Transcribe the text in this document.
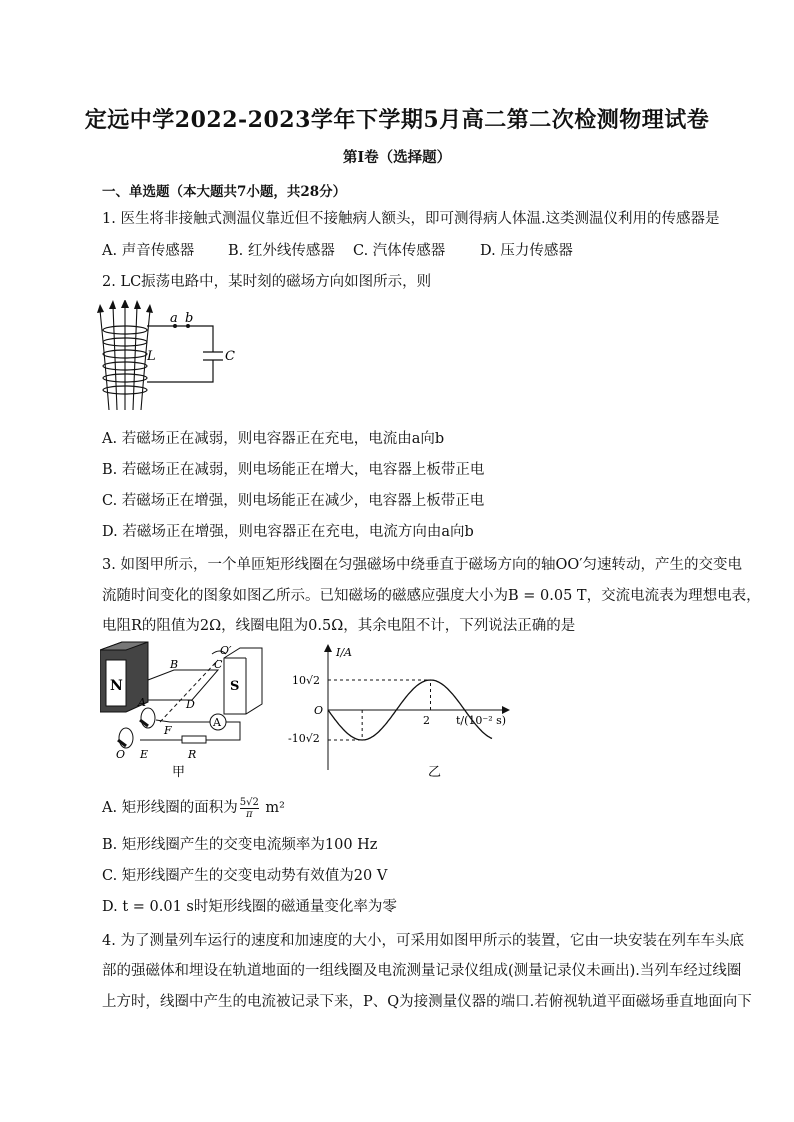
定远中学2022-2023学年下学期5月高二第二次检测物理试卷
第I卷（选择题）
一、单选题（本大题共7小题，共28分）
1. 医生将非接触式测温仪靠近但不接触病人额头，即可测得病人体温.这类测温仪利用的传感器是
A. 声音传感器 B. 红外线传感器 C. 汽体传感器 D. 压力传感器
2. LC振荡电路中，某时刻的磁场方向如图所示，则
a b
L	C
A. 若磁场正在减弱，则电容器正在充电，电流由a向b
B. 若磁场正在减弱，则电场能正在增大，电容器上板带正电
C. 若磁场正在增强，则电场能正在减少，电容器上板带正电
D. 若磁场正在增强，则电容器正在充电，电流方向由a向b
3. 如图甲所示，一个单匝矩形线圈在匀强磁场中绕垂直于磁场方向的轴OO′匀速转动，产生的交变电
流随时间变化的图象如图乙所示。已知磁场的磁感应强度大小为B = 0.05 T，交流电流表为理想电表，
电阻R的阻值为2Ω，线圈电阻为0.5Ω，其余电阻不计，下列说法正确的是
N	S
B	C
O′
A	D
A
F
E
O	R
甲
I/A
t/(10⁻² s)
10√2
-10√2
O
2
乙
A. 矩形线圈的面积为 $\frac{5√2}{\pi} m^2$
B. 矩形线圈产生的交变电流频率为100 Hz
C. 矩形线圈产生的交变电动势有效值为20 V
D. t = 0.01 s时矩形线圈的磁通量变化率为零
4. 为了测量列车运行的速度和加速度的大小，可采用如图甲所示的装置，它由一块安装在列车车头底
部的强磁体和埋设在轨道地面的一组线圈及电流测量记录仪组成(测量记录仪未画出).当列车经过线圈
上方时，线圈中产生的电流被记录下来，P、Q为接测量仪器的端口.若俯视轨道平面磁场垂直地面向下
